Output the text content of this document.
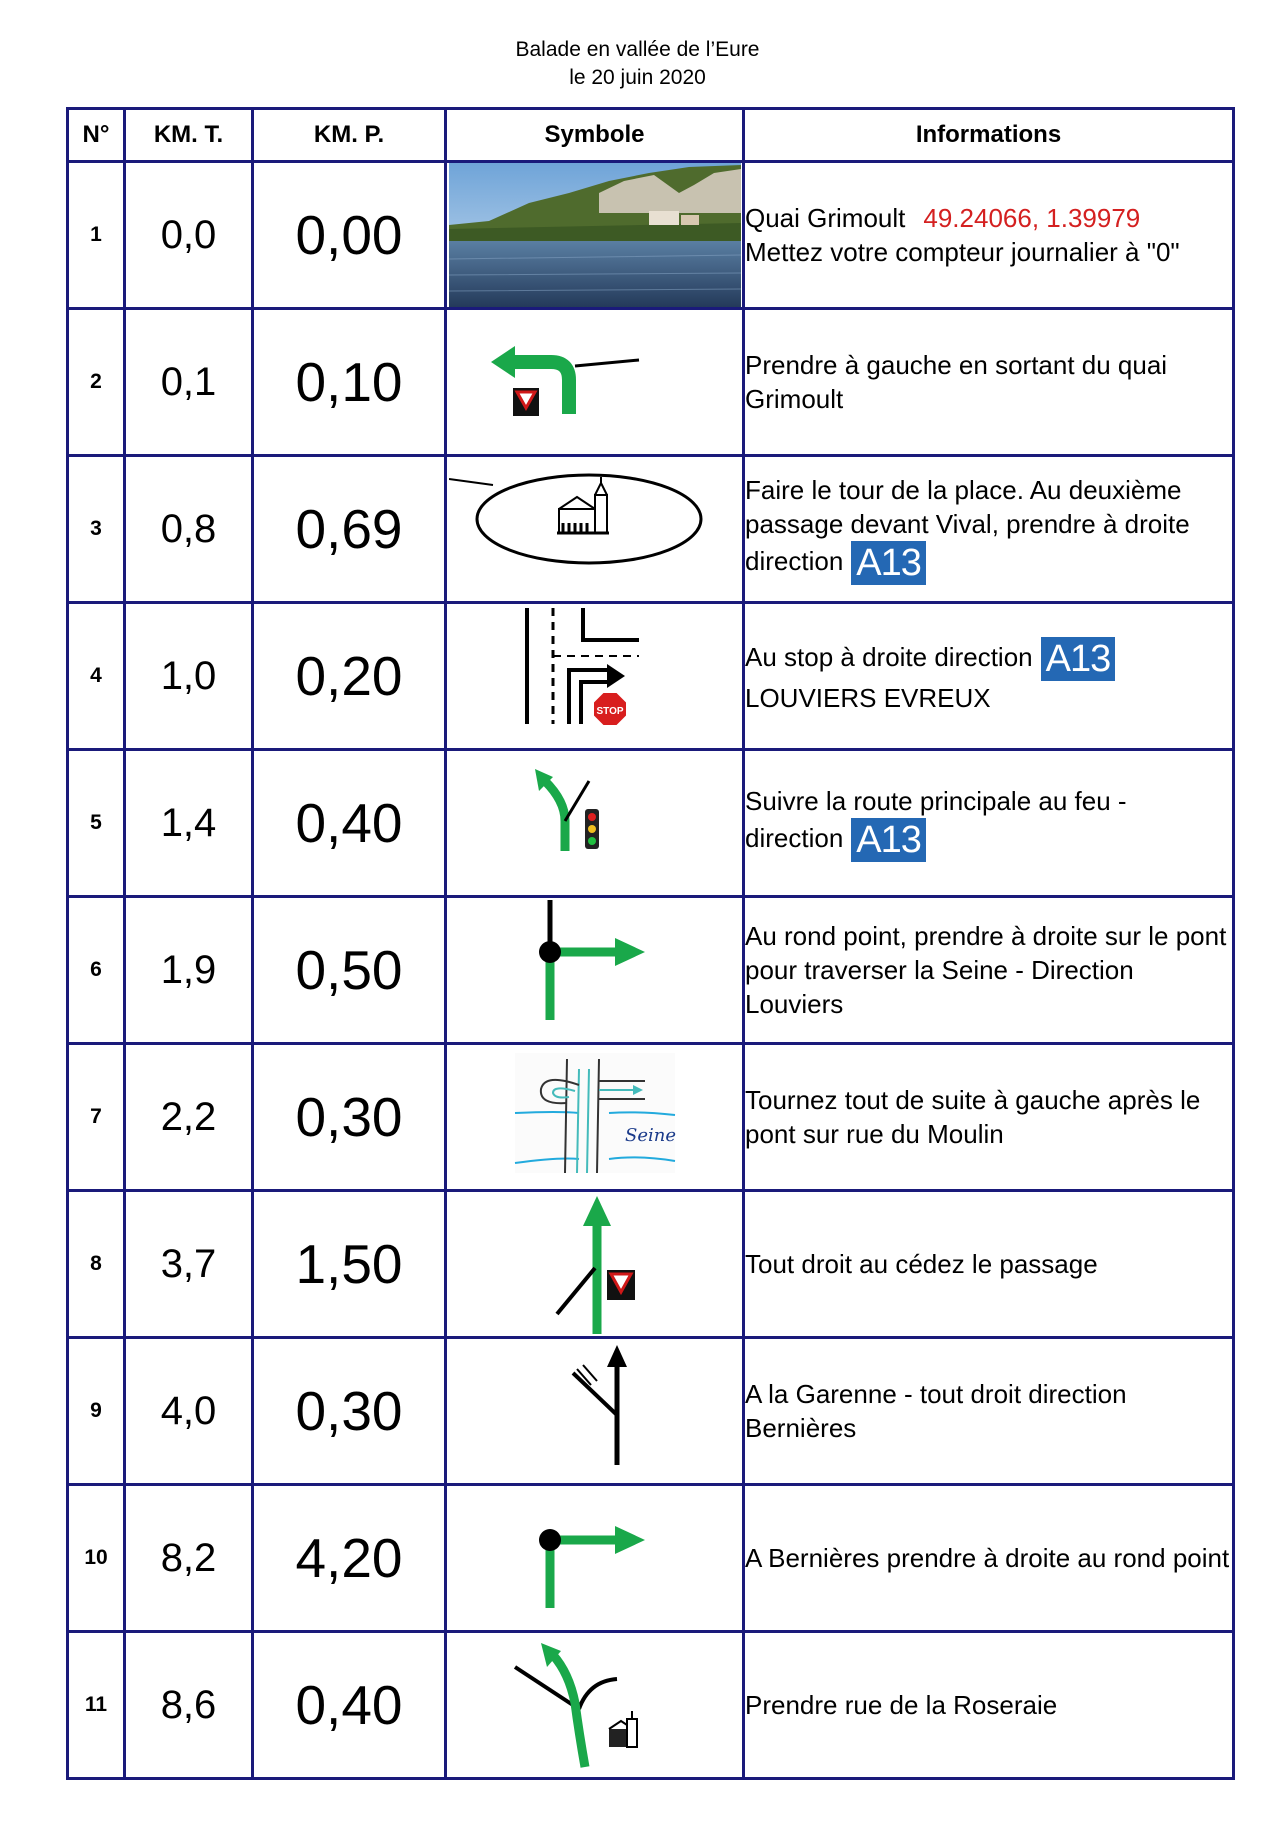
Balade en vallée de l’Eure
le 20 juin 2020
N°	KM. T.	KM. P.	Symbole	Informations
1	0,0	0,00		Quai Grimoult 49.24066, 1.39979
Mettez votre compteur journalier à "0"

2	0,1	0,10		Prendre à gauche en sortant du quai Grimoult
3	0,8	0,69		Faire le tour de la place. Au deuxième passage devant Vival, prendre à droite direction A13
4	1,0	0,20	STOP	Au stop à droite direction A13
LOUVIERS EVREUX

5	1,4	0,40		Suivre la route principale au feu - direction A13
6	1,9	0,50		Au rond point, prendre à droite sur le pont pour traverser la Seine - Direction Louviers
7	2,2	0,30	Seine	Tournez tout de suite à gauche après le pont sur rue du Moulin
8	3,7	1,50		Tout droit au cédez le passage
9	4,0	0,30		A la Garenne - tout droit direction Bernières
10	8,2	4,20		A Bernières prendre à droite au rond point
11	8,6	0,40		Prendre rue de la Roseraie
